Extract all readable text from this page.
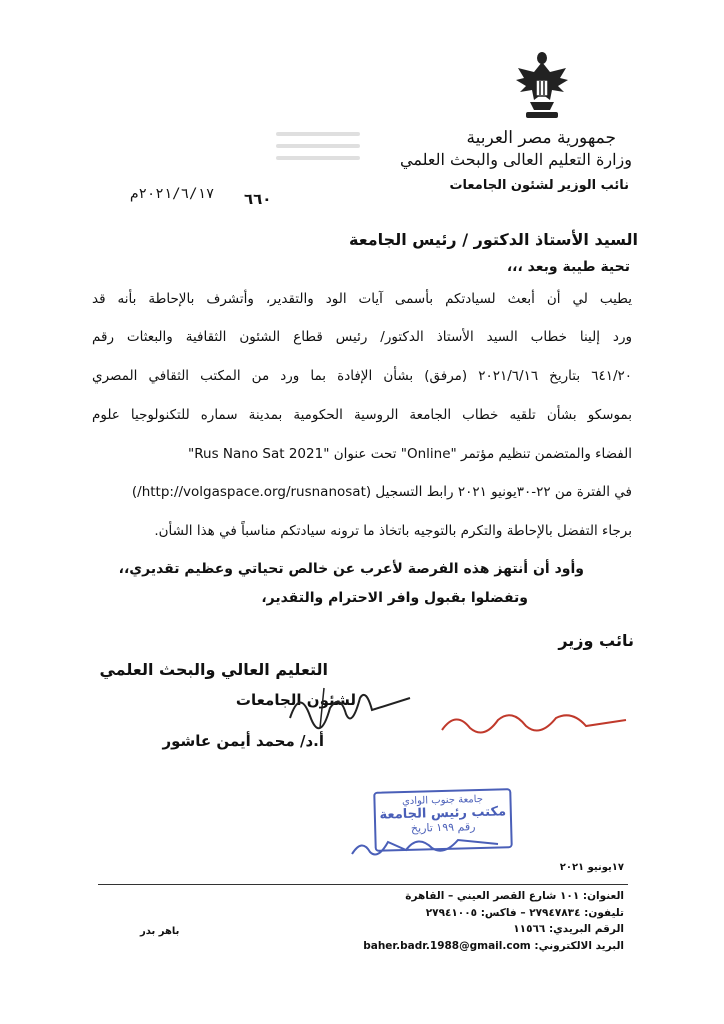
جمهورية مصر العربية
وزارة التعليم العالى والبحث العلمي
نائب الوزير لشئون الجامعات
٢٠٢١/٦/١٧م ٦٦٠
السيد الأستاذ الدكتور / رئيس الجامعة
تحية طيبة وبعد ،،،
يطيب لي أن أبعث لسيادتكم بأسمى آيات الود والتقدير، وأتشرف بالإحاطة بأنه قد
ورد إلينا خطاب السيد الأستاذ الدكتور/ رئيس قطاع الشئون الثقافية والبعثات رقم
٦٤١/٢٠ بتاريخ ٢٠٢١/٦/١٦ (مرفق) بشأن الإفادة بما ورد من المكتب الثقافي المصري
بموسكو بشأن تلقيه خطاب الجامعة الروسية الحكومية بمدينة سماره للتكنولوجيا علوم
الفضاء والمتضمن تنظيم مؤتمر "Online" تحت عنوان "Rus Nano Sat 2021"
في الفترة من ٢٢-٣٠يونيو ٢٠٢١ رابط التسجيل (http://volgaspace.org/rusnanosat/)
برجاء التفضل بالإحاطة والتكرم بالتوجيه باتخاذ ما ترونه سيادتكم مناسباً في هذا الشأن.
وأود أن أنتهز هذه الفرصة لأعرب عن خالص تحياتي وعظيم تقديري،،
وتفضلوا بقبول وافر الاحترام والتقدير،
نائب وزير
التعليم العالي والبحث العلمي
لشئون الجامعات
أ.د/ محمد أيمن عاشور
جامعة جنوب الوادي
مكتب رئيس الجامعة
رقم ١٩٩ تاريخ
١٧يونيو ٢٠٢١
العنوان: ١٠١ شارع القصر العيني – القاهرة
تليفون: ٢٧٩٤٧٨٣٤ – فاكس: ٢٧٩٤١٠٠٥
الرقم البريدي: ١١٥٦٦
البريد الالكتروني: baher.badr.1988@gmail.com
باهر بدر
